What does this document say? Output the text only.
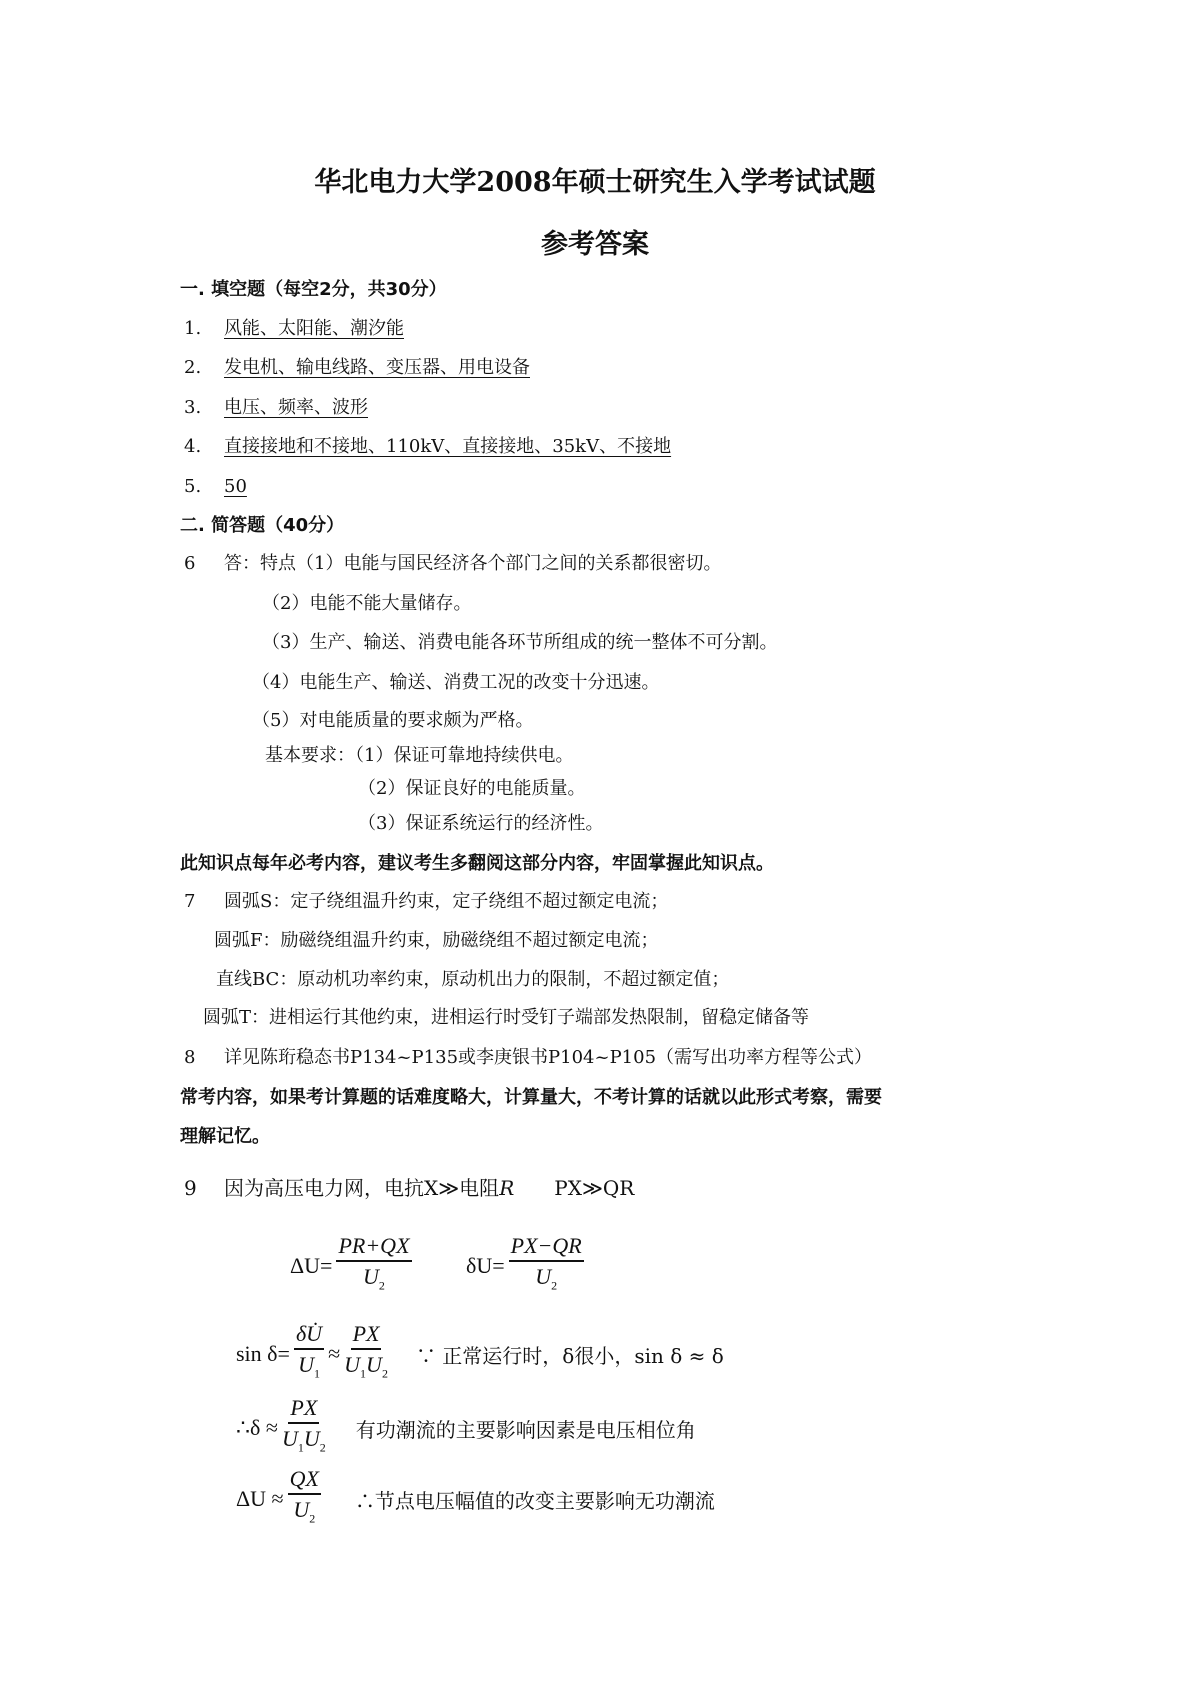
华北电力大学2008年硕士研究生入学考试试题
参考答案
一. 填空题（每空2分，共30分）
1. 风能、太阳能、潮汐能
2. 发电机、输电线路、变压器、用电设备
3. 电压、频率、波形
4. 直接接地和不接地、110kV、直接接地、35kV、不接地
5. 50
二. 简答题（40分）
6 答：特点（1）电能与国民经济各个部门之间的关系都很密切。
（2）电能不能大量储存。
（3）生产、输送、消费电能各环节所组成的统一整体不可分割。
（4）电能生产、输送、消费工况的改变十分迅速。
（5）对电能质量的要求颇为严格。
基本要求：（1）保证可靠地持续供电。
（2）保证良好的电能质量。
（3）保证系统运行的经济性。
此知识点每年必考内容，建议考生多翻阅这部分内容，牢固掌握此知识点。
7 圆弧S：定子绕组温升约束，定子绕组不超过额定电流；
圆弧F：励磁绕组温升约束，励磁绕组不超过额定电流；
直线BC：原动机功率约束，原动机出力的限制，不超过额定值；
圆弧T：进相运行其他约束，进相运行时受钉子端部发热限制，留稳定储备等
8 详见陈珩稳态书P134~P135或李庚银书P104~P105（需写出功率方程等公式）
常考内容，如果考计算题的话难度略大，计算量大，不考计算的话就以此形式考察，需要
理解记忆。
9 因为高压电力网，电抗X≫电阻R PX≫QR
$\Delta U= \frac{PR+QX}{U_2} \delta U= \frac{PX-QR}{U_2}$
$\sin \delta= \frac{\delta U̇}{U_1} \approx \frac{PX}{U_1U_2}$ ∵ 正常运行时，δ很小，sin δ ≈ δ
∴δ ≈ $\frac{PX}{U_1U_2}$ 有功潮流的主要影响因素是电压相位角
$\Delta U \approx \frac{QX}{U_2}$ ∴节点电压幅值的改变主要影响无功潮流
